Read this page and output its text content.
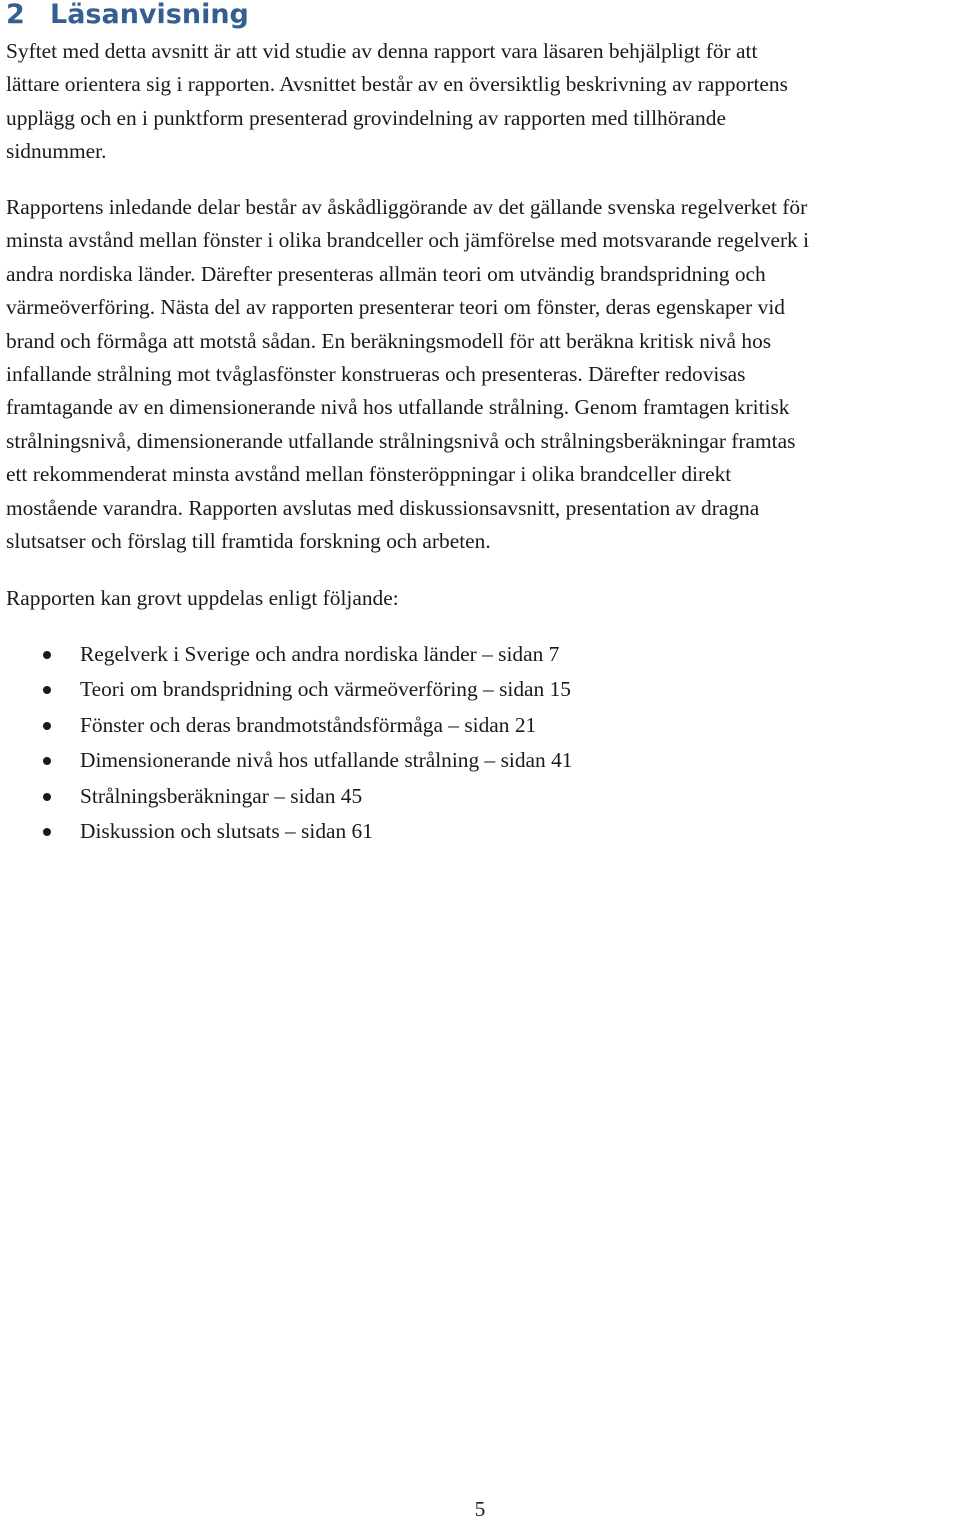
2 Läsanvisning

Syftet med detta avsnitt är att vid studie av denna rapport vara läsaren behjälpligt för att
lättare orientera sig i rapporten. Avsnittet består av en översiktlig beskrivning av rapportens
upplägg och en i punktform presenterad grovindelning av rapporten med tillhörande
sidnummer.

Rapportens inledande delar består av åskådliggörande av det gällande svenska regelverket för
minsta avstånd mellan fönster i olika brandceller och jämförelse med motsvarande regelverk i
andra nordiska länder. Därefter presenteras allmän teori om utvändig brandspridning och
värmeöverföring. Nästa del av rapporten presenterar teori om fönster, deras egenskaper vid
brand och förmåga att motstå sådan. En beräkningsmodell för att beräkna kritisk nivå hos
infallande strålning mot tvåglasfönster konstrueras och presenteras. Därefter redovisas
framtagande av en dimensionerande nivå hos utfallande strålning. Genom framtagen kritisk
strålningsnivå, dimensionerande utfallande strålningsnivå och strålningsberäkningar framtas
ett rekommenderat minsta avstånd mellan fönsteröppningar i olika brandceller direkt
mostående varandra. Rapporten avslutas med diskussionsavsnitt, presentation av dragna
slutsatser och förslag till framtida forskning och arbeten.

Rapporten kan grovt uppdelas enligt följande:

Regelverk i Sverige och andra nordiska länder – sidan 7
Teori om brandspridning och värmeöverföring – sidan 15
Fönster och deras brandmotståndsförmåga – sidan 21
Dimensionerande nivå hos utfallande strålning – sidan 41
Strålningsberäkningar – sidan 45
Diskussion och slutsats – sidan 61
5
